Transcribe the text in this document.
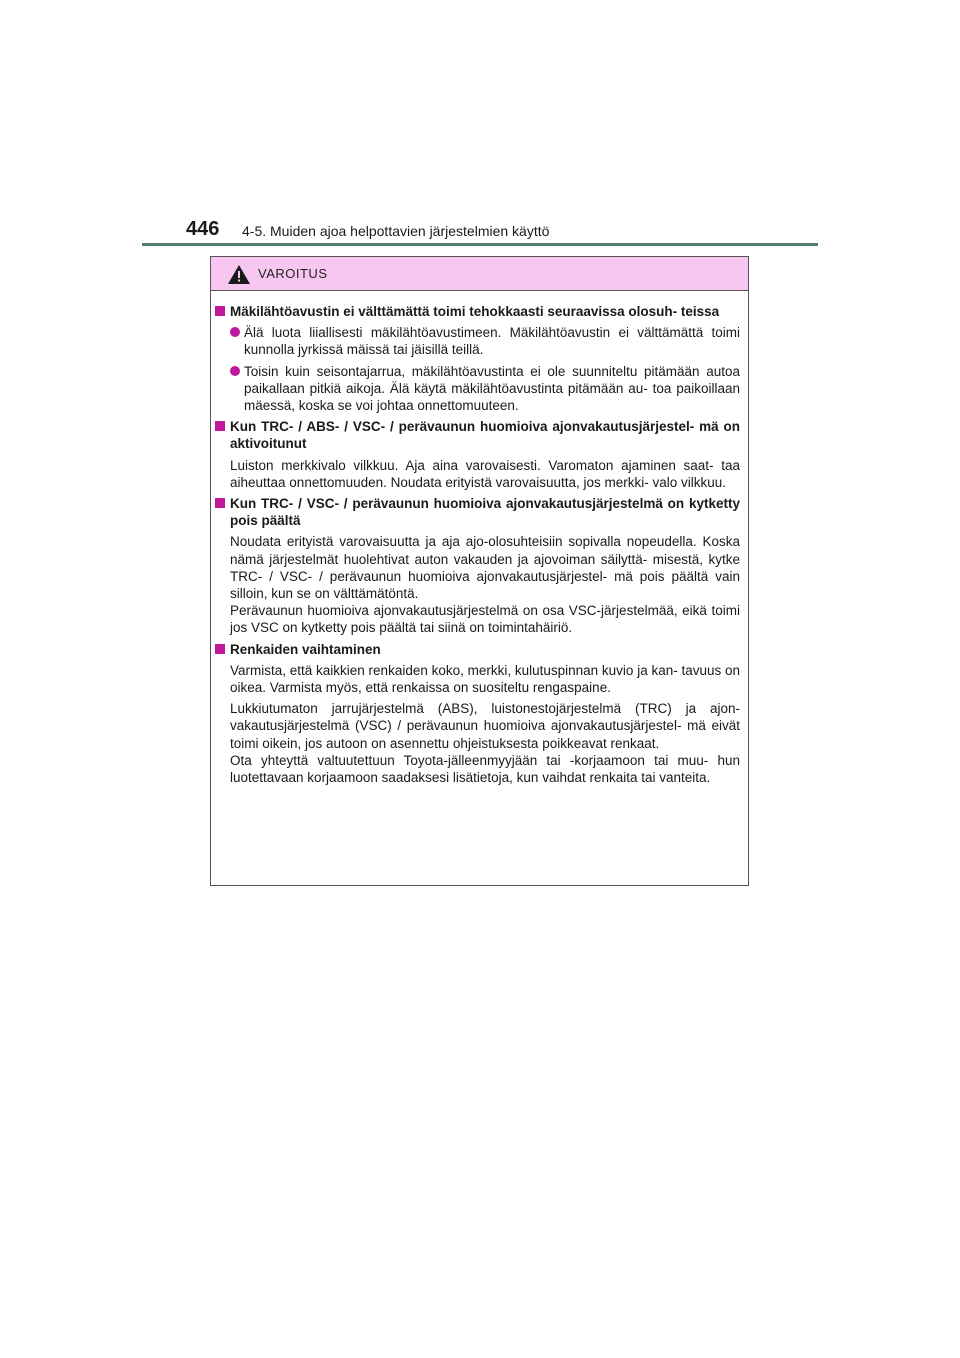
446 4-5. Muiden ajoa helpottavien järjestelmien käyttö
VAROITUS
Mäkilähtöavustin ei välttämättä toimi tehokkaasti seuraavissa olosuh- teissa
Älä luota liiallisesti mäkilähtöavustimeen. Mäkilähtöavustin ei välttämättä toimi kunnolla jyrkissä mäissä tai jäisillä teillä.
Toisin kuin seisontajarrua, mäkilähtöavustinta ei ole suunniteltu pitämään autoa paikallaan pitkiä aikoja. Älä käytä mäkilähtöavustinta pitämään au- toa paikoillaan mäessä, koska se voi johtaa onnettomuuteen.
Kun TRC- / ABS- / VSC- / perävaunun huomioiva ajonvakautusjärjestel- mä on aktivoitunut
Luiston merkkivalo vilkkuu. Aja aina varovaisesti. Varomaton ajaminen saat- taa aiheuttaa onnettomuuden. Noudata erityistä varovaisuutta, jos merkki- valo vilkkuu.
Kun TRC- / VSC- / perävaunun huomioiva ajonvakautusjärjestelmä on kytketty pois päältä
Noudata erityistä varovaisuutta ja aja ajo-olosuhteisiin sopivalla nopeudella. Koska nämä järjestelmät huolehtivat auton vakauden ja ajovoiman säilyttä- misestä, kytke TRC- / VSC- / perävaunun huomioiva ajonvakautusjärjestel- mä pois päältä vain silloin, kun se on välttämätöntä.
Perävaunun huomioiva ajonvakautusjärjestelmä on osa VSC-järjestelmää, eikä toimi jos VSC on kytketty pois päältä tai siinä on toimintahäiriö.
Renkaiden vaihtaminen
Varmista, että kaikkien renkaiden koko, merkki, kulutuspinnan kuvio ja kan- tavuus on oikea. Varmista myös, että renkaissa on suositeltu rengaspaine.
Lukkiutumaton jarrujärjestelmä (ABS), luistonestojärjestelmä (TRC) ja ajon- vakautusjärjestelmä (VSC) / perävaunun huomioiva ajonvakautusjärjestel- mä eivät toimi oikein, jos autoon on asennettu ohjeistuksesta poikkeavat renkaat.
Ota yhteyttä valtuutettuun Toyota-jälleenmyyjään tai -korjaamoon tai muu- hun luotettavaan korjaamoon saadaksesi lisätietoja, kun vaihdat renkaita tai vanteita.
